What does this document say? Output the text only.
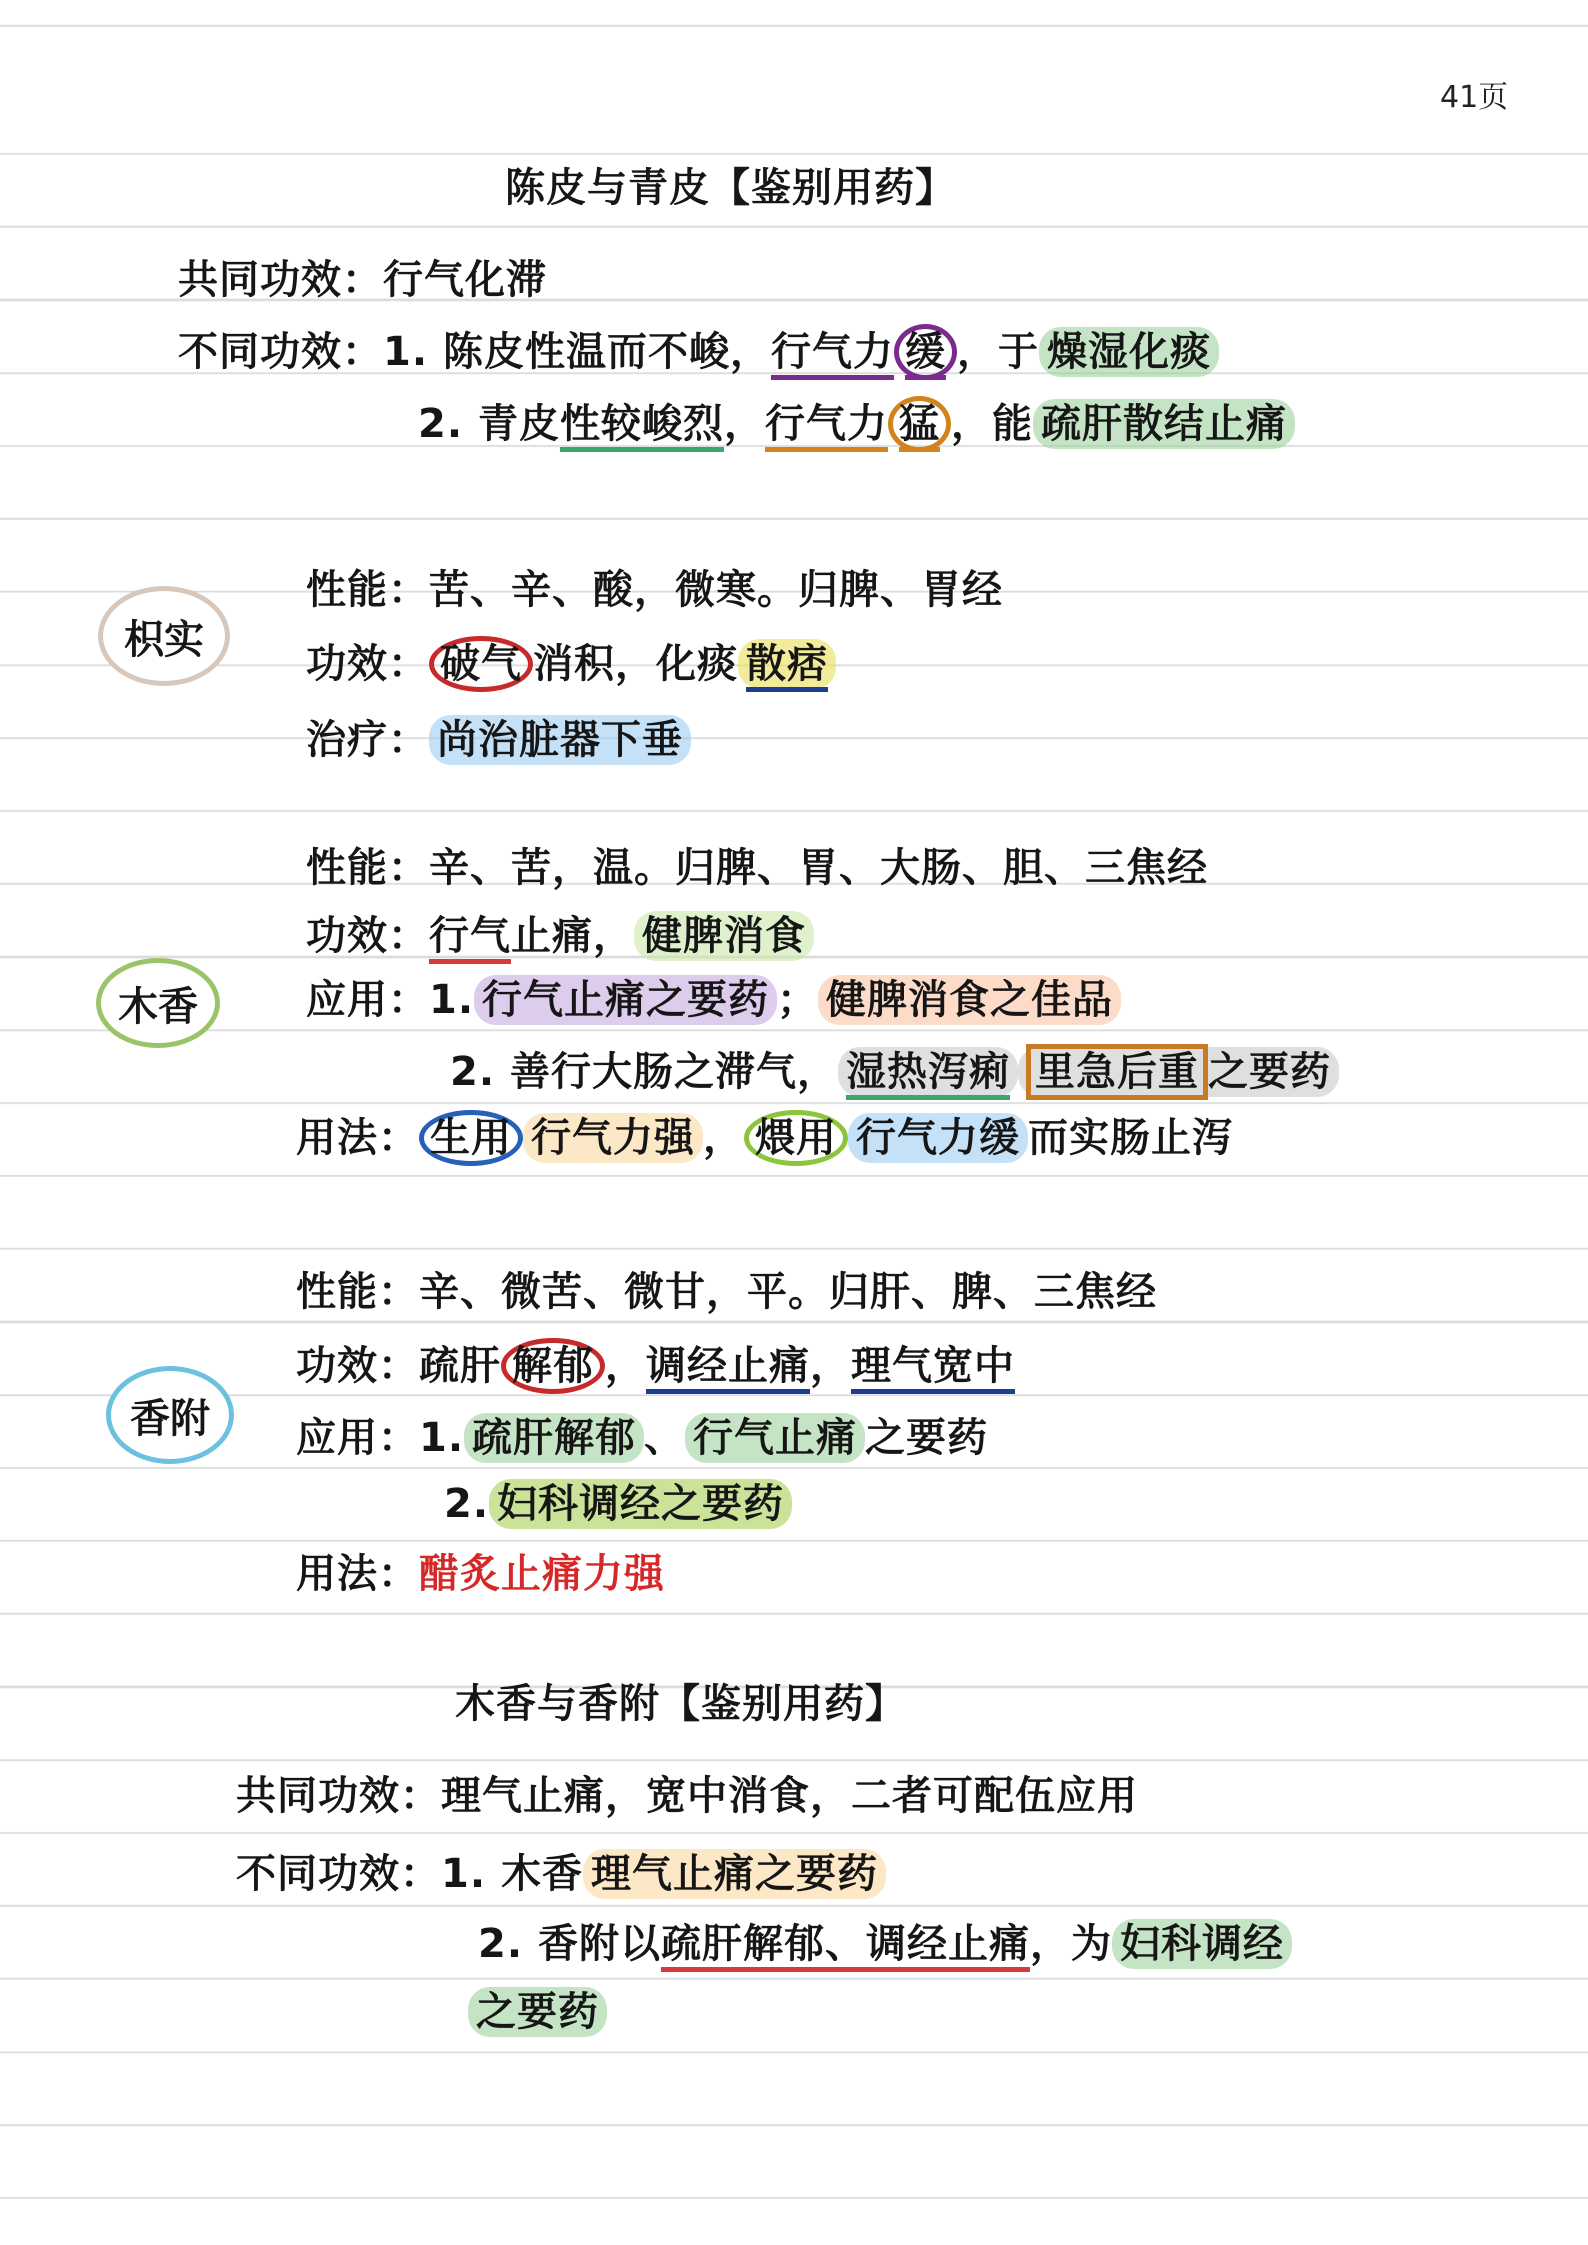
41页
陈皮与青皮【鉴别用药】
共同功效：行气化滞
不同功效：1. 陈皮性温而不峻，行气力 缓 ，于 燥湿化痰
2. 青皮性较峻烈，行气力 猛 ，能 疏肝散结止痛
枳实
性能：苦、辛、酸，微寒。归脾、胃经
功效： 破气 消积，化痰 散痞
治疗： 尚治脏器下垂
木香
性能：辛、苦，温。归脾、胃、大肠、胆、三焦经
功效：行气止痛， 健脾消食
应用：1. 行气止痛之要药 ； 健脾消食之佳品
2. 善行大肠之滞气， 湿热泻痢 里急后重 之要药
用法： 生用 行气力强 ， 煨用 行气力缓 而实肠止泻
香附
性能：辛、微苦、微甘，平。归肝、脾、三焦经
功效：疏肝 解郁 ，调经止痛，理气宽中
应用：1. 疏肝解郁 、 行气止痛 之要药
2. 妇科调经之要药
用法：醋炙止痛力强
木香与香附【鉴别用药】
共同功效：理气止痛，宽中消食，二者可配伍应用
不同功效：1. 木香 理气止痛之要药
2. 香附以疏肝解郁、调经止痛，为 妇科调经
之要药
